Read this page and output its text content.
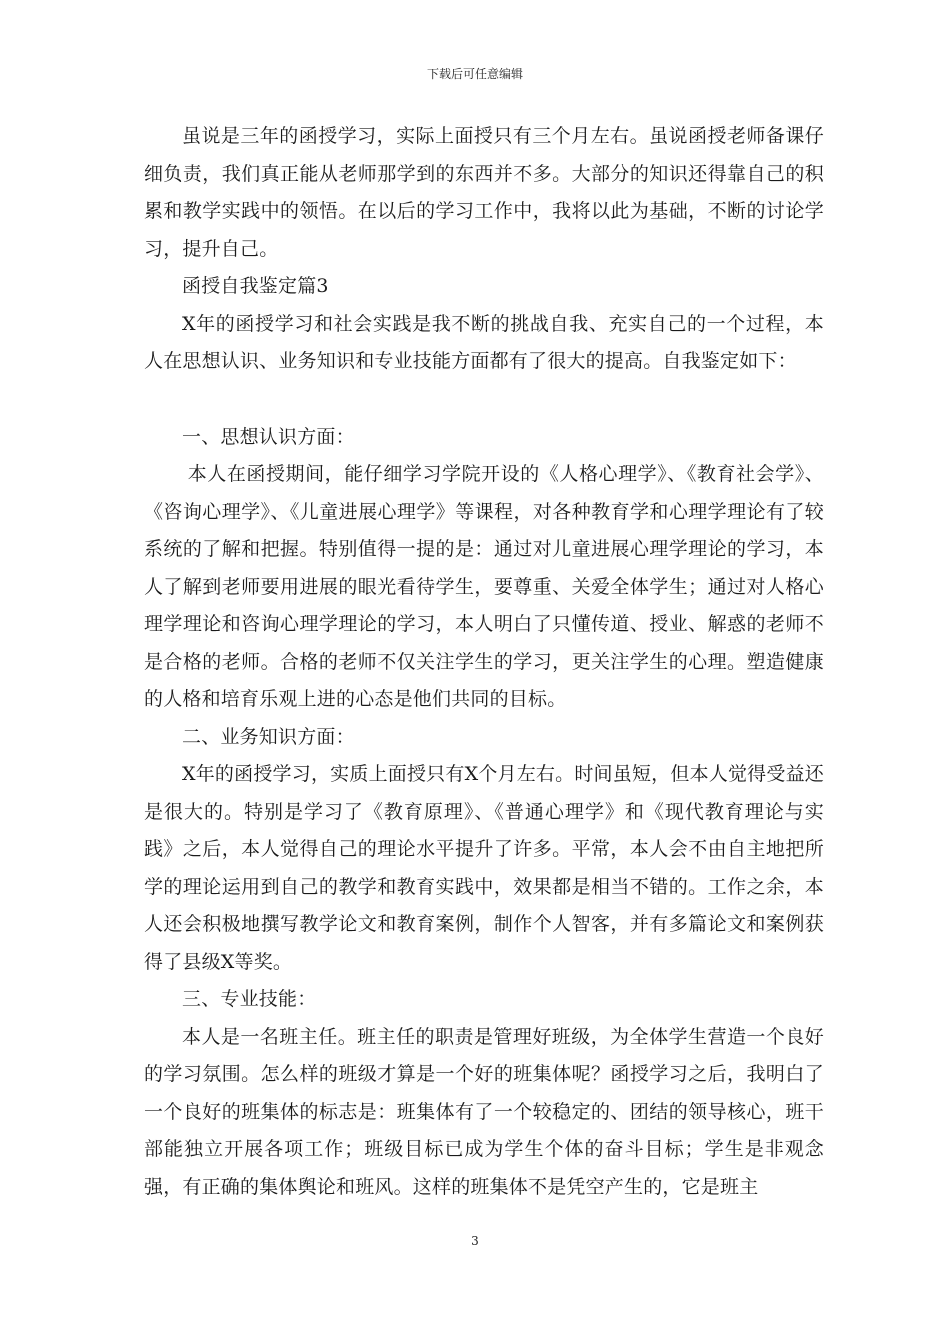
下载后可任意编辑

虽说是三年的函授学习，实际上面授只有三个月左右。虽说函授老师备课仔细负责，我们真正能从老师那学到的东西并不多。大部分的知识还得靠自己的积累和教学实践中的领悟。在以后的学习工作中，我将以此为基础，不断的讨论学习，提升自己。

函授自我鉴定篇3

X年的函授学习和社会实践是我不断的挑战自我、充实自己的一个过程，本人在思想认识、业务知识和专业技能方面都有了很大的提高。自我鉴定如下：

一、思想认识方面：

本人在函授期间，能仔细学习学院开设的《人格心理学》、《教育社会学》、《咨询心理学》、《儿童进展心理学》等课程，对各种教育学和心理学理论有了较系统的了解和把握。特别值得一提的是：通过对儿童进展心理学理论的学习，本人了解到老师要用进展的眼光看待学生，要尊重、关爱全体学生；通过对人格心理学理论和咨询心理学理论的学习，本人明白了只懂传道、授业、解惑的老师不是合格的老师。合格的老师不仅关注学生的学习，更关注学生的心理。塑造健康的人格和培育乐观上进的心态是他们共同的目标。

二、业务知识方面：

X年的函授学习，实质上面授只有X个月左右。时间虽短，但本人觉得受益还是很大的。特别是学习了《教育原理》、《普通心理学》和《现代教育理论与实践》之后，本人觉得自己的理论水平提升了许多。平常，本人会不由自主地把所学的理论运用到自己的教学和教育实践中，效果都是相当不错的。工作之余，本人还会积极地撰写教学论文和教育案例，制作个人智客，并有多篇论文和案例获得了县级X等奖。

三、专业技能：

本人是一名班主任。班主任的职责是管理好班级，为全体学生营造一个良好的学习氛围。怎么样的班级才算是一个好的班集体呢？函授学习之后，我明白了一个良好的班集体的标志是：班集体有了一个较稳定的、团结的领导核心，班干部能独立开展各项工作；班级目标已成为学生个体的奋斗目标；学生是非观念强，有正确的集体舆论和班风。这样的班集体不是凭空产生的，它是班主

3
